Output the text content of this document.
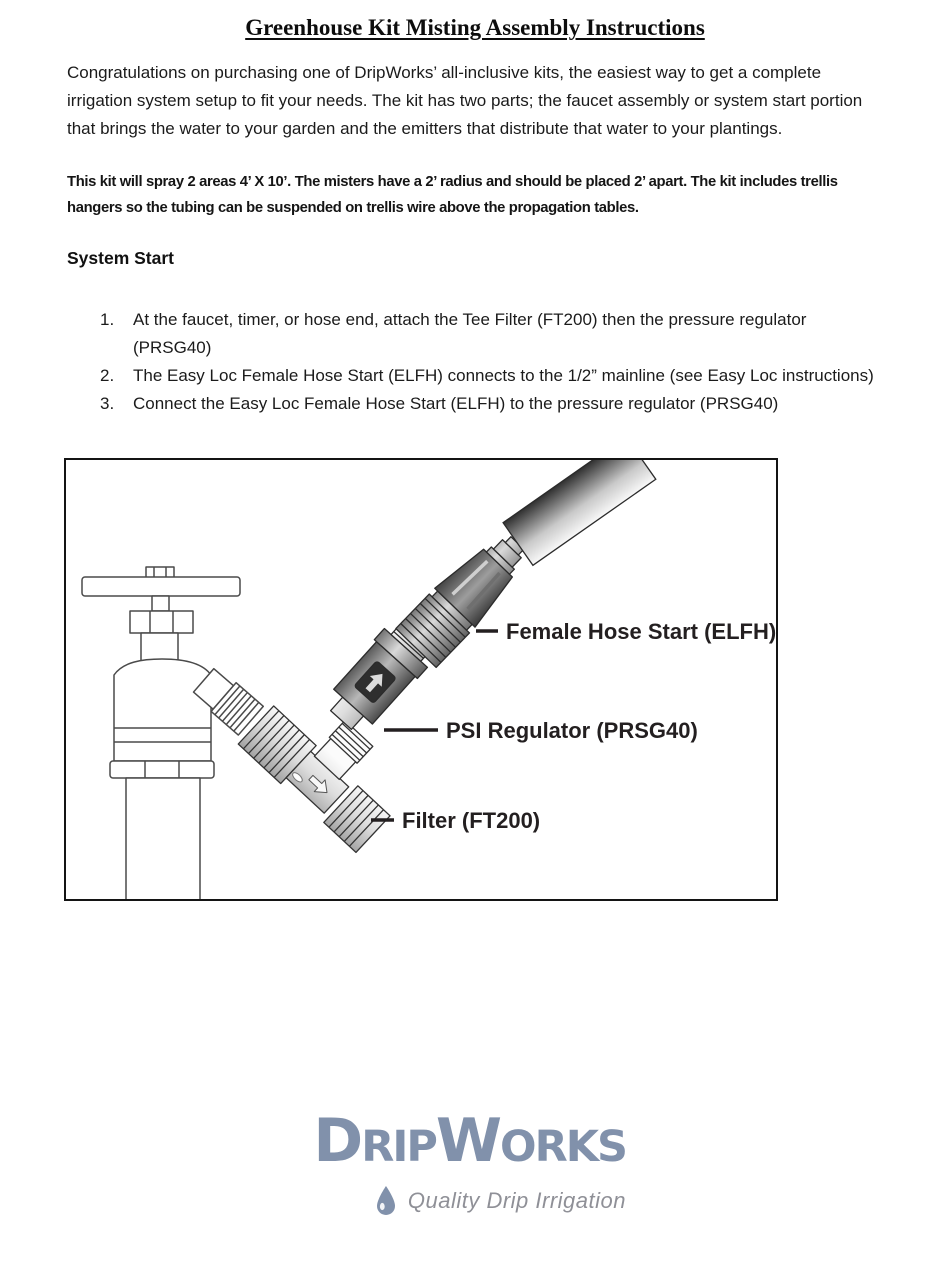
Greenhouse Kit Misting Assembly Instructions

Congratulations on purchasing one of DripWorks’ all-inclusive kits, the easiest way to get a complete irrigation system setup to fit your needs. The kit has two parts; the faucet assembly or system start portion that brings the water to your garden and the emitters that distribute that water to your plantings.

This kit will spray 2 areas 4’ X 10’. The misters have a 2’ radius and should be placed 2’ apart. The kit includes trellis hangers so the tubing can be suspended on trellis wire above the propagation tables.

System Start
1. At the faucet, timer, or hose end, attach the Tee Filter (FT200) then the pressure regulator (PRSG40)
2. The Easy Loc Female Hose Start (ELFH) connects to the 1/2” mainline (see Easy Loc instructions)
3. Connect the Easy Loc Female Hose Start (ELFH) to the pressure regulator (PRSG40)
Female Hose Start (ELFH)
PSI Regulator (PRSG40)
Filter (FT200)
DRIPWORKS
Quality Drip Irrigation
